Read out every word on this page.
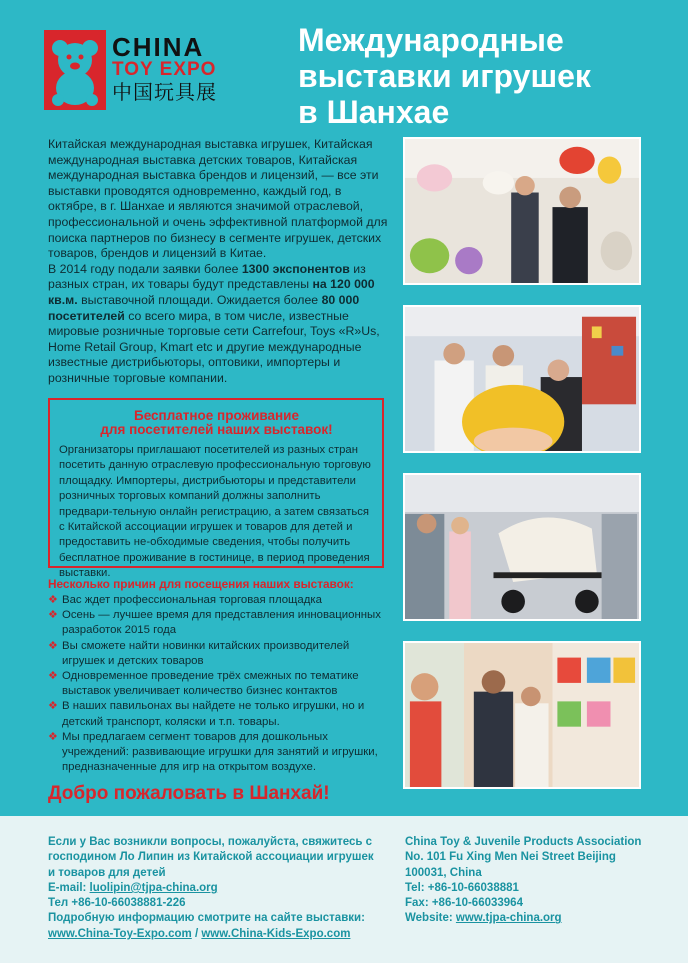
CHINA
TOY EXPO
中国玩具展
Международные
выставки игрушек
в Шанхае

Китайская международная выставка игрушек, Китайская международная выставка детских товаров, Китайская международная выставка брендов и лицензий, — все эти выставки проводятся одновременно, каждый год, в октябре, в г. Шанхае и являются значимой отраслевой, профессиональной и очень эффективной платформой для поиска партнеров по бизнесу в сегменте игрушек, детских товаров, брендов и лицензий в Китае.

В 2014 году подали заявки более 1300 экспонентов из разных стран, их товары будут представлены на 120 000 кв.м. выставочной площади. Ожидается более 80 000 посетителей со всего мира, в том числе, известные мировые розничные торговые сети Carrefour, Toys «R»Us, Home Retail Group, Kmart etc и другие международные известные дистрибьюторы, оптовики, импортеры и розничные торговые компании.

Бесплатное проживание
для посетителей наших выставок!
Организаторы приглашают посетителей из разных стран посетить данную отраслевую профессиональную торговую площадку. Импортеры, дистрибьюторы и представители розничных торговых компаний должны заполнить предвари-тельную онлайн регистрацию, а затем связаться с Китайской ассоциации игрушек и товаров для детей и предоставить не-обходимые сведения, чтобы получить бесплатное проживание в гостинице, в период проведения выставки.
Несколько причин для посещения наших выставок:
❖ Вас ждет профессиональная торговая площадка
❖ Осень — лучшее время для представления инновационных разработок 2015 года
❖ Вы сможете найти новинки китайских производителей игрушек и детских товаров
❖ Одновременное проведение трёх смежных по тематике выставок увеличивает количество бизнес контактов
❖ В наших павильонах вы найдете не только игрушки, но и детский транспорт, коляски и т.п. товары.
❖ Мы предлагаем сегмент товаров для дошкольных учреждений: развивающие игрушки для занятий и игрушки, предназначенные для игр на открытом воздухе.
Добро пожаловать в Шанхай!
Если у Вас возникли вопросы, пожалуйста, свяжитесь с
господином Ло Липин из Китайской ассоциации игрушек
и товаров для детей
E-mail: luolipin@tjpa-china.org
Тел +86-10-66038881-226
Подробную информацию смотрите на сайте выставки:
www.China-Toy-Expo.com / www.China-Kids-Expo.com
China Toy & Juvenile Products Association
No. 101 Fu Xing Men Nei Street Beijing
100031, China
Tel: +86-10-66038881
Fax: +86-10-66033964
Website: www.tjpa-china.org
